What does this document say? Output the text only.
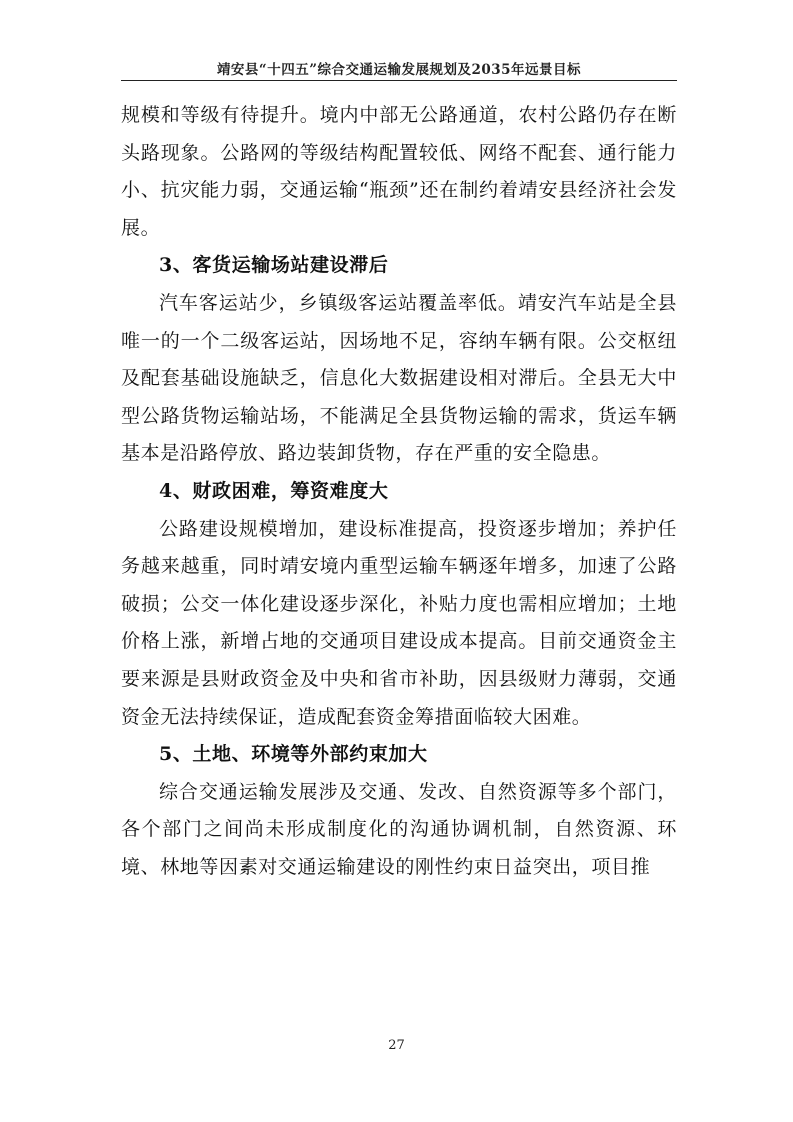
靖安县“十四五”综合交通运输发展规划及2035年远景目标

规模和等级有待提升。境内中部无公路通道，农村公路仍存在断头路现象。公路网的等级结构配置较低、网络不配套、通行能力小、抗灾能力弱，交通运输“瓶颈”还在制约着靖安县经济社会发展。

3、客货运输场站建设滞后

汽车客运站少，乡镇级客运站覆盖率低。靖安汽车站是全县唯一的一个二级客运站，因场地不足，容纳车辆有限。公交枢纽及配套基础设施缺乏，信息化大数据建设相对滞后。全县无大中型公路货物运输站场，不能满足全县货物运输的需求，货运车辆基本是沿路停放、路边装卸货物，存在严重的安全隐患。

4、财政困难，筹资难度大

公路建设规模增加，建设标准提高，投资逐步增加；养护任务越来越重，同时靖安境内重型运输车辆逐年增多，加速了公路破损；公交一体化建设逐步深化，补贴力度也需相应增加；土地价格上涨，新增占地的交通项目建设成本提高。目前交通资金主要来源是县财政资金及中央和省市补助，因县级财力薄弱，交通资金无法持续保证，造成配套资金筹措面临较大困难。

5、土地、环境等外部约束加大

综合交通运输发展涉及交通、发改、自然资源等多个部门，各个部门之间尚未形成制度化的沟通协调机制，自然资源、环境、林地等因素对交通运输建设的刚性约束日益突出，项目推

27
